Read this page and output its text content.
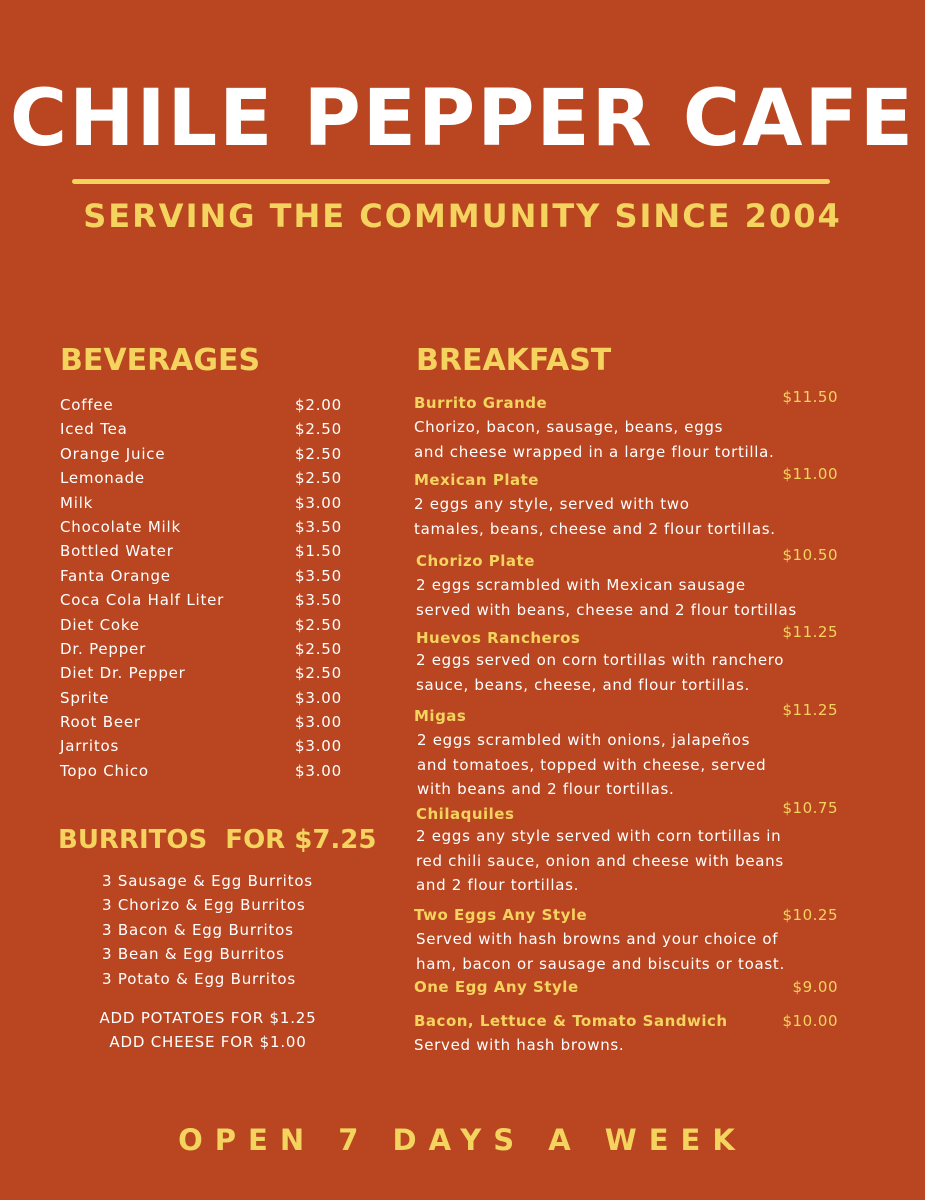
CHILE PEPPER CAFE
SERVING THE COMMUNITY SINCE 2004
BEVERAGES
Coffee	$2.00
Iced Tea	$2.50
Orange Juice	$2.50
Lemonade	$2.50
Milk	$3.00
Chocolate Milk	$3.50
Bottled Water	$1.50
Fanta Orange	$3.50
Coca Cola Half Liter	$3.50
Diet Coke	$2.50
Dr. Pepper	$2.50
Diet Dr. Pepper	$2.50
Sprite	$3.00
Root Beer	$3.00
Jarritos	$3.00
Topo Chico	$3.00
BURRITOS  FOR $7.25
3 Sausage & Egg Burritos
3 Chorizo & Egg Burritos
3 Bacon & Egg Burritos
3 Bean & Egg Burritos
3 Potato & Egg Burritos
ADD POTATOES FOR $1.25
ADD CHEESE FOR $1.00
BREAKFAST
Burrito Grande	$11.50
Chorizo, bacon, sausage, beans, eggs
and cheese wrapped in a large flour tortilla.
Mexican Plate	$11.00
2 eggs any style, served with two
tamales, beans, cheese and 2 flour tortillas.
Chorizo Plate	$10.50
2 eggs scrambled with Mexican sausage
served with beans, cheese and 2 flour tortillas
Huevos Rancheros	$11.25
2 eggs served on corn tortillas with ranchero
sauce, beans, cheese, and flour tortillas.
Migas	$11.25
2 eggs scrambled with onions, jalapeños
and tomatoes, topped with cheese, served
with beans and 2 flour tortillas.
Chilaquiles	$10.75
2 eggs any style served with corn tortillas in
red chili sauce, onion and cheese with beans
and 2 flour tortillas.
Two Eggs Any Style	$10.25
Served with hash browns and your choice of
ham, bacon or sausage and biscuits or toast.
One Egg Any Style	$9.00
Bacon, Lettuce & Tomato Sandwich	$10.00
Served with hash browns.
OPEN 7 DAYS A WEEK
